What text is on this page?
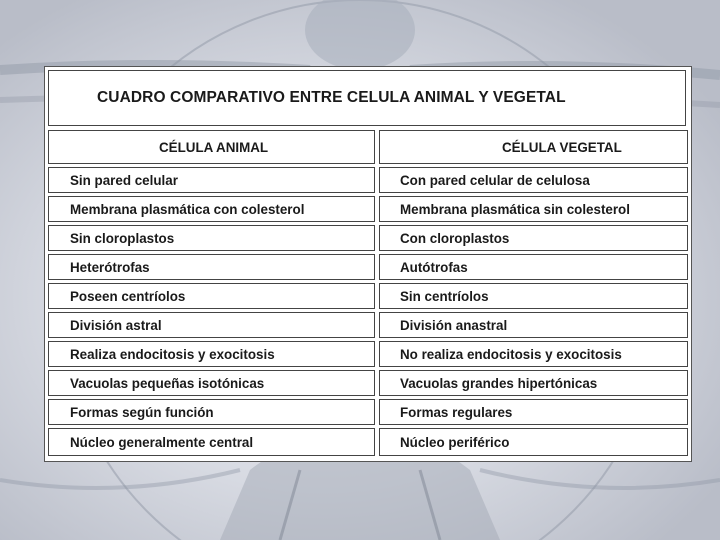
CUADRO COMPARATIVO ENTRE CELULA ANIMAL Y VEGETAL
CÉLULA ANIMAL	CÉLULA VEGETAL
Sin pared celular	Con pared celular de celulosa
Membrana plasmática con colesterol	Membrana plasmática sin colesterol
Sin cloroplastos	Con cloroplastos
Heterótrofas	Autótrofas
Poseen centríolos	Sin centríolos
División astral	División anastral
Realiza endocitosis y exocitosis	No realiza endocitosis y exocitosis
Vacuolas pequeñas isotónicas	Vacuolas grandes hipertónicas
Formas según función	Formas regulares
Núcleo generalmente central	Núcleo periférico
